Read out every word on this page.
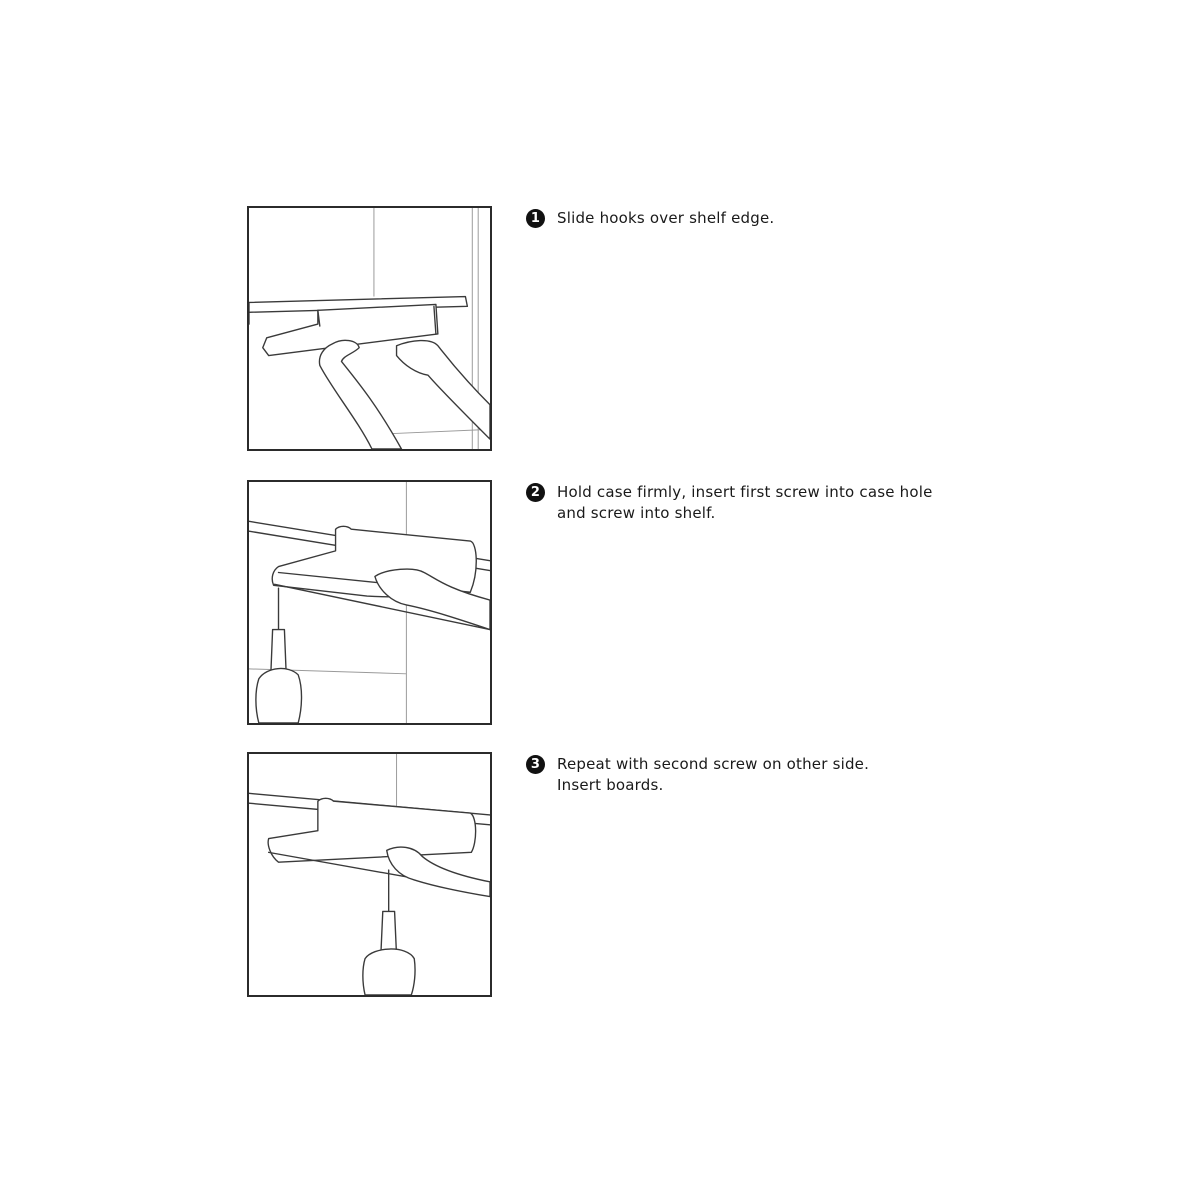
1	Slide hooks over shelf edge.
2	Hold case firmly, insert first screw into case hole
and screw into shelf.
3	Repeat with second screw on other side.
Insert boards.
